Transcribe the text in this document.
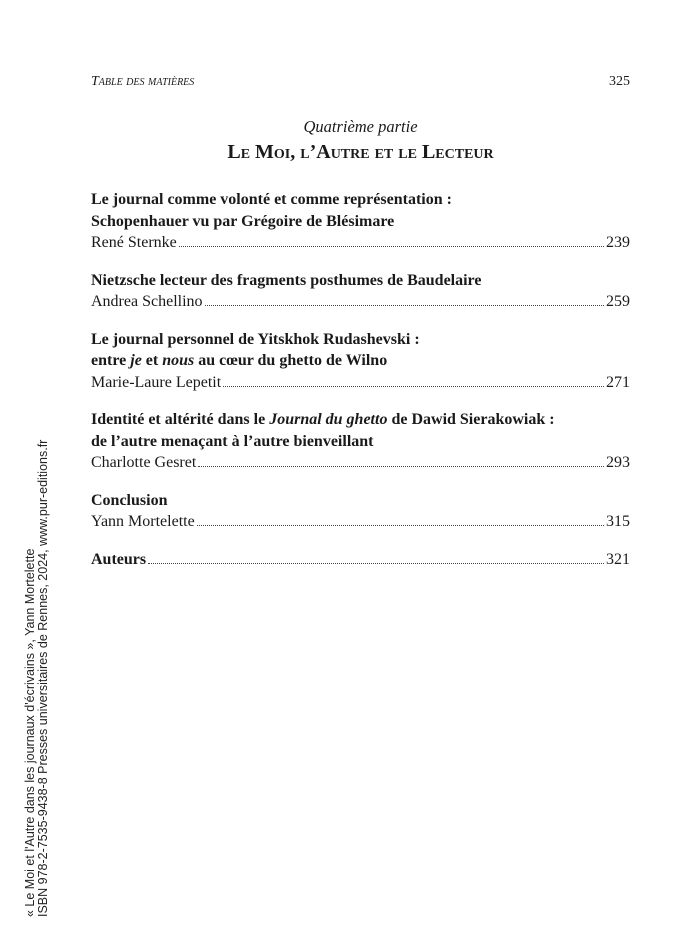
Table des matières	325
Quatrième partie
Le Moi, l’Autre et le Lecteur
Le journal comme volonté et comme représentation :
Schopenhauer vu par Grégoire de Blésimare
René Sternke	239
Nietzsche lecteur des fragments posthumes de Baudelaire
Andrea Schellino	259
Le journal personnel de Yitskhok Rudashevski :
entre je et nous au cœur du ghetto de Wilno
Marie-Laure Lepetit	271
Identité et altérité dans le Journal du ghetto de Dawid Sierakowiak :
de l’autre menaçant à l’autre bienveillant
Charlotte Gesret	293
Conclusion
Yann Mortelette	315
Auteurs	321
« Le Moi et l'Autre dans les journaux d'écrivains », Yann Mortelette ISBN 978-2-7535-9438-8 Presses universitaires de Rennes, 2024, www.pur-editions.fr
